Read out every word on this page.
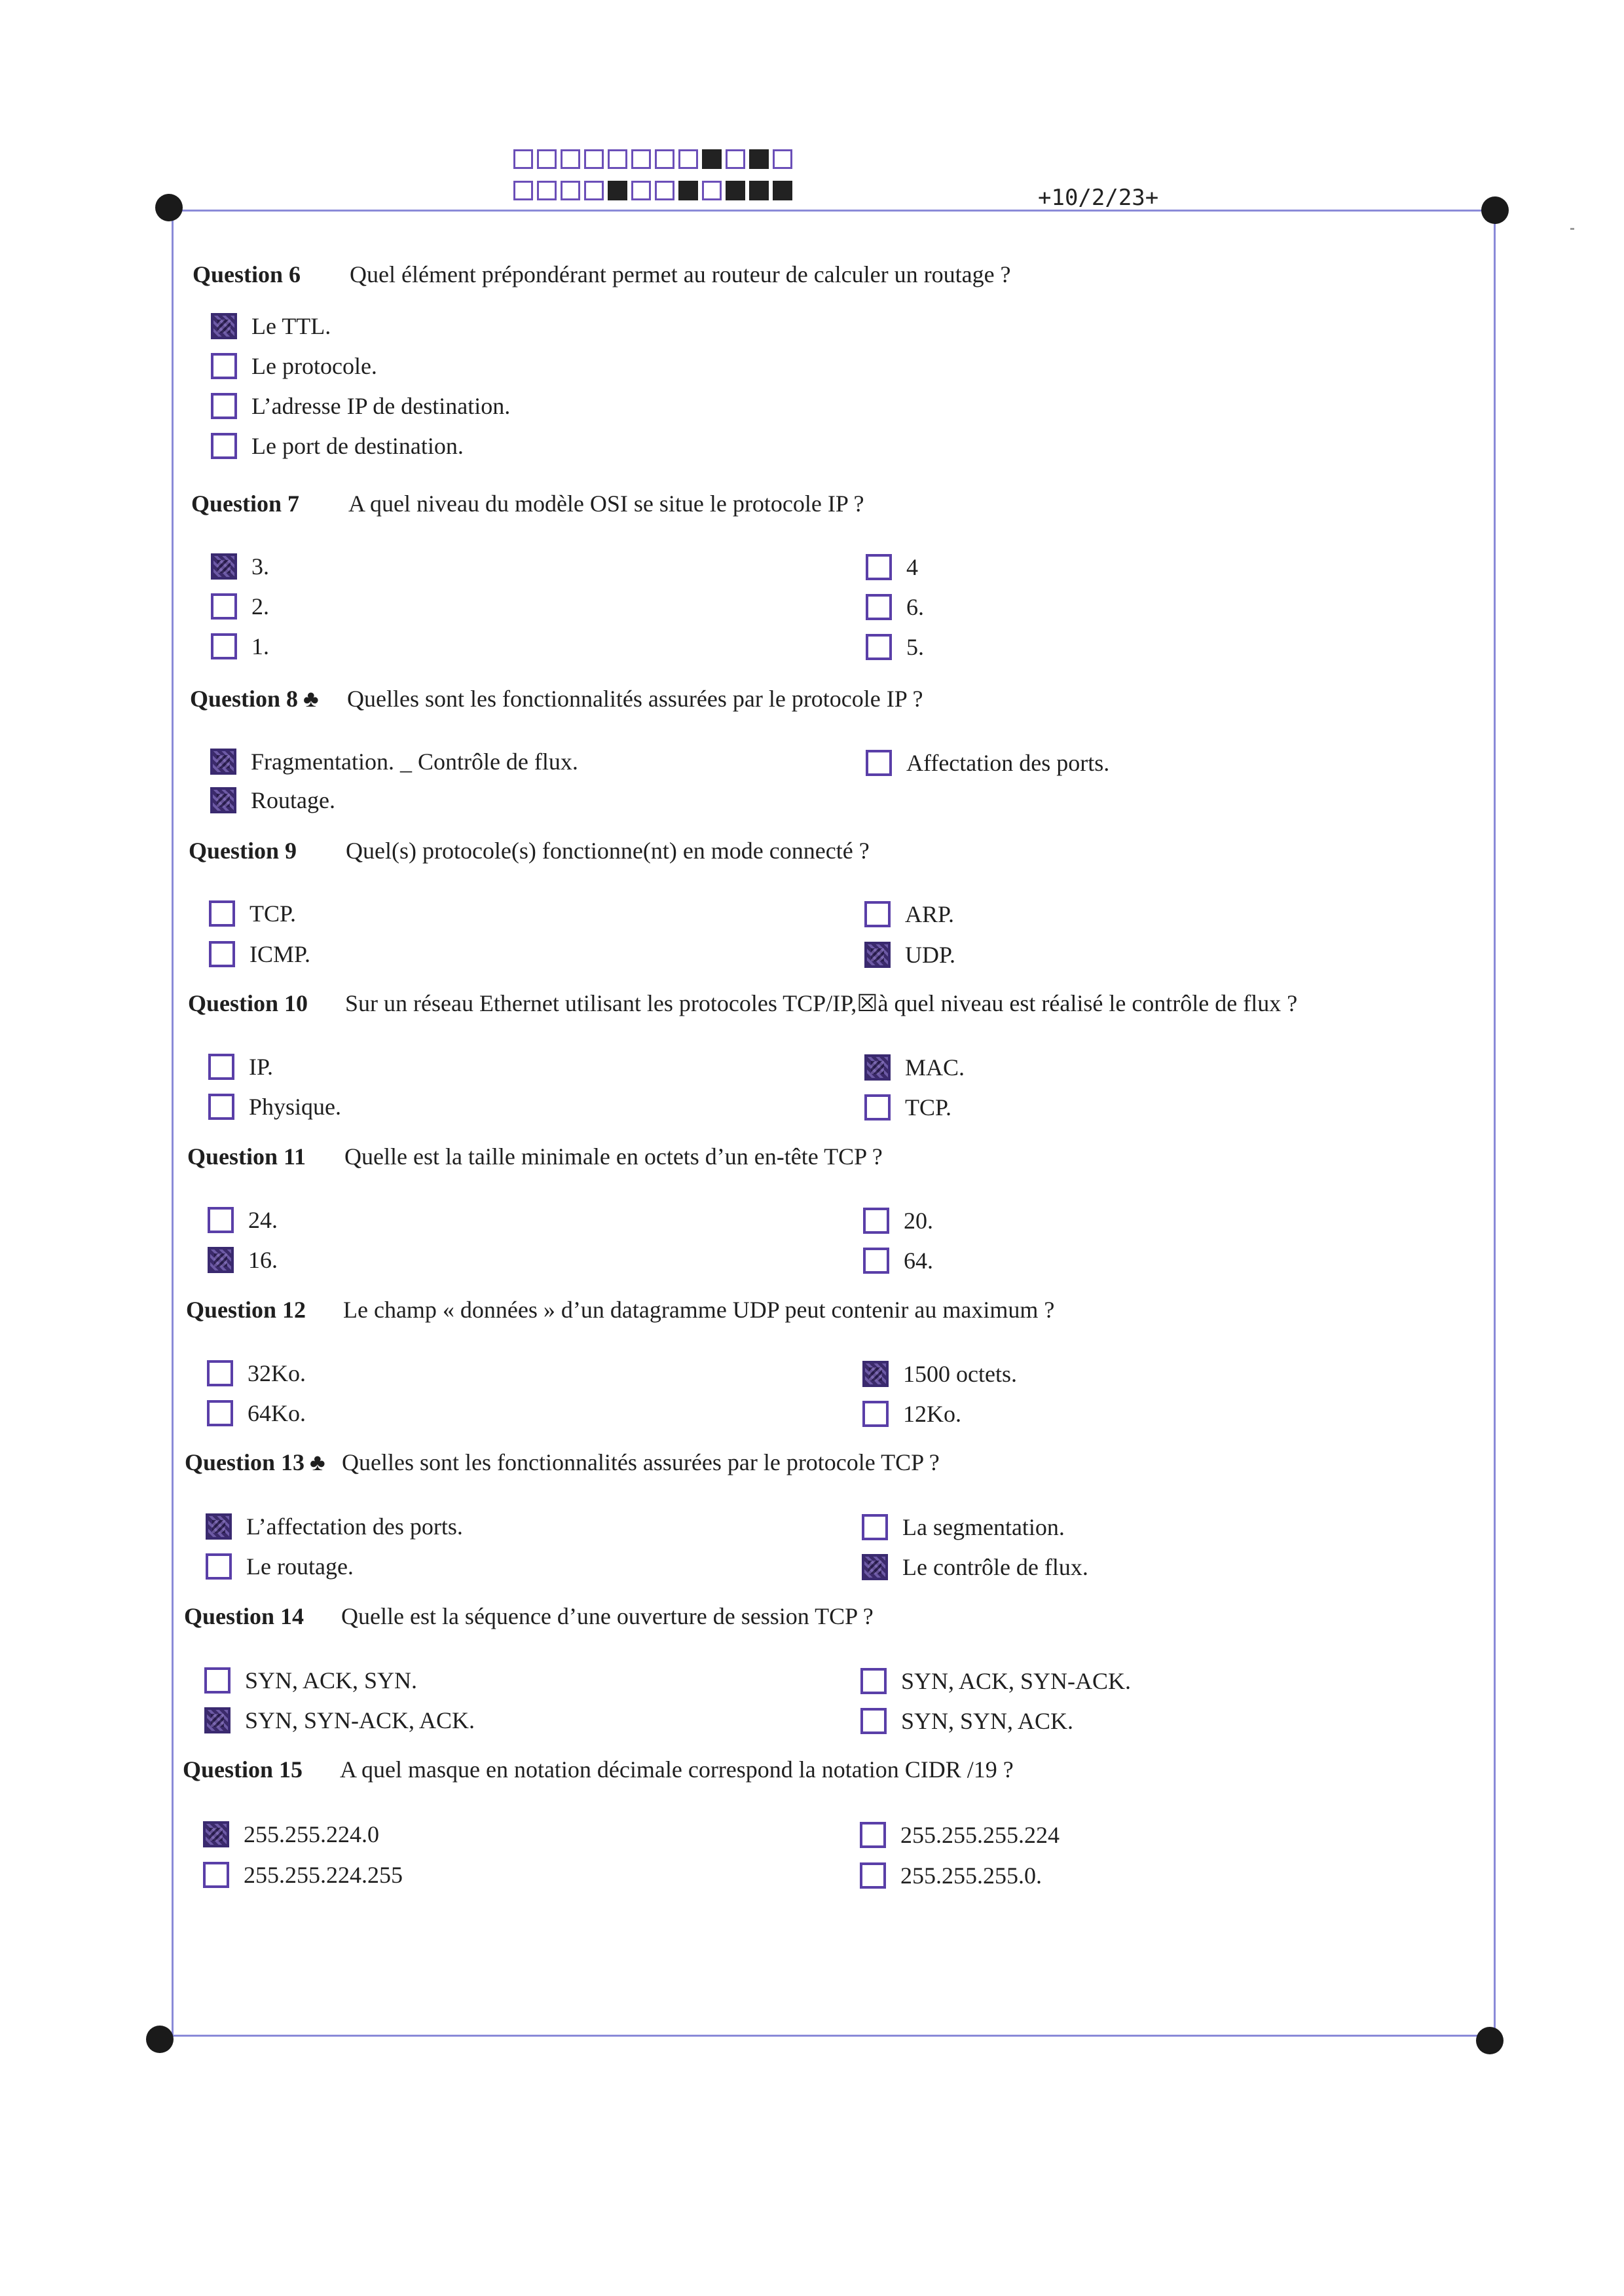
+10/2/23+
Question 6	Quel élément prépondérant permet au routeur de calculer un routage ?
Le TTL.
Le protocole.
L’adresse IP de destination.
Le port de destination.
Question 7	A quel niveau du modèle OSI se situe le protocole IP ?
3.
2.
1.
4
6.
5.
Question 8 ♣	Quelles sont les fonctionnalités assurées par le protocole IP ?
Fragmentation. _ Contrôle de flux.
Routage.
Affectation des ports.
Question 9	Quel(s) protocole(s) fonctionne(nt) en mode connecté ?
TCP.
ICMP.
ARP.
UDP.
Question 10	Sur un réseau Ethernet utilisant les protocoles TCP/IP,☒à quel niveau est réalisé le contrôle de flux ?
IP.
Physique.
MAC.
TCP.
Question 11	Quelle est la taille minimale en octets d’un en-tête TCP ?
24.
16.
20.
64.
Question 12	Le champ « données » d’un datagramme UDP peut contenir au maximum ?
32Ko.
64Ko.
1500 octets.
12Ko.
Question 13 ♣ Quelles sont les fonctionnalités assurées par le protocole TCP ?
L’affectation des ports.
Le routage.
La segmentation.
Le contrôle de flux.
Question 14	Quelle est la séquence d’une ouverture de session TCP ?
SYN, ACK, SYN.
SYN, SYN-ACK, ACK.
SYN, ACK, SYN-ACK.
SYN, SYN, ACK.
Question 15	A quel masque en notation décimale correspond la notation CIDR /19 ?
255.255.224.0
255.255.224.255
255.255.255.224
255.255.255.0.
